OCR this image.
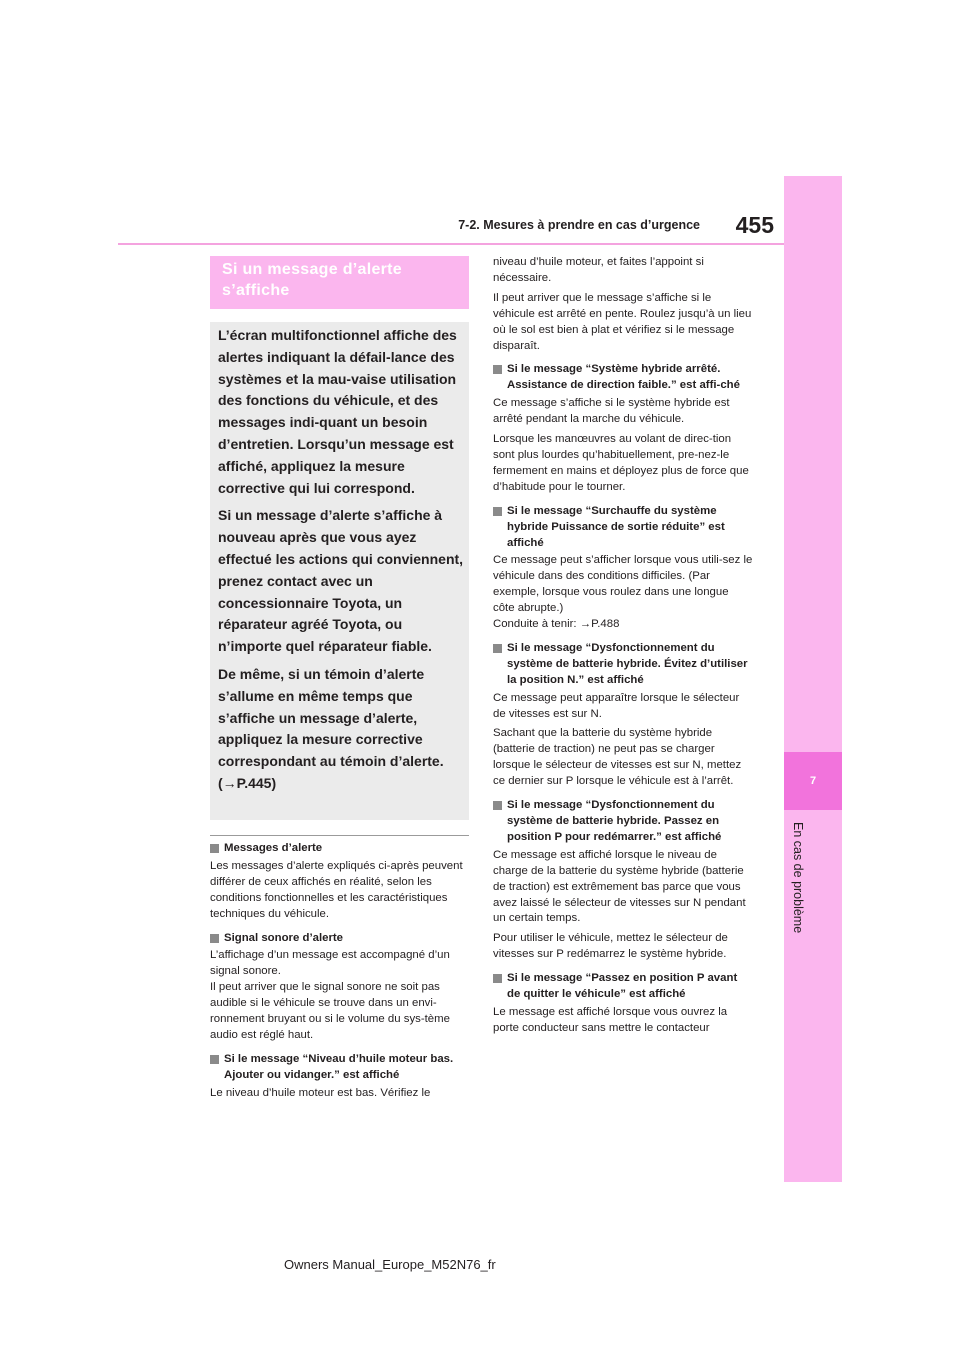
7-2. Mesures à prendre en cas d’urgence	455
7
En cas de problème
Si un message d’alerte s’affiche

L’écran multifonctionnel affiche des alertes indiquant la défail-lance des systèmes et la mau-vaise utilisation des fonctions du véhicule, et des messages indi-quant un besoin d’entretien. Lorsqu’un message est affiché, appliquez la mesure corrective qui lui correspond.

Si un message d’alerte s’affiche à nouveau après que vous ayez effectué les actions qui conviennent, prenez contact avec un concessionnaire Toyota, un réparateur agréé Toyota, ou n’importe quel réparateur fiable.

De même, si un témoin d’alerte s’allume en même temps que s’affiche un message d’alerte, appliquez la mesure corrective correspondant au témoin d’alerte. (→P.445)

Messages d’alerte

Les messages d’alerte expliqués ci-après peuvent différer de ceux affichés en réalité, selon les conditions fonctionnelles et les caractéristiques techniques du véhicule.

Signal sonore d’alerte

L’affichage d’un message est accompagné d’un signal sonore.

Il peut arriver que le signal sonore ne soit pas audible si le véhicule se trouve dans un envi-ronnement bruyant ou si le volume du sys-tème audio est réglé haut.

Si le message “Niveau d’huile moteur bas. Ajouter ou vidanger.” est affiché

Le niveau d’huile moteur est bas. Vérifiez le

niveau d’huile moteur, et faites l’appoint si nécessaire.

Il peut arriver que le message s’affiche si le véhicule est arrêté en pente. Roulez jusqu’à un lieu où le sol est bien à plat et vérifiez si le message disparaît.

Si le message “Système hybride arrêté. Assistance de direction faible.” est affi-ché

Ce message s’affiche si le système hybride est arrêté pendant la marche du véhicule.

Lorsque les manœuvres au volant de direc-tion sont plus lourdes qu’habituellement, pre-nez-le fermement en mains et déployez plus de force que d’habitude pour le tourner.

Si le message “Surchauffe du système hybride Puissance de sortie réduite” est affiché

Ce message peut s’afficher lorsque vous utili-sez le véhicule dans des conditions difficiles. (Par exemple, lorsque vous roulez dans une longue côte abrupte.)

Conduite à tenir: →P.488

Si le message “Dysfonctionnement du système de batterie hybride. Évitez d’utiliser la position N.” est affiché

Ce message peut apparaître lorsque le sélecteur de vitesses est sur N.

Sachant que la batterie du système hybride (batterie de traction) ne peut pas se charger lorsque le sélecteur de vitesses est sur N, mettez ce dernier sur P lorsque le véhicule est à l’arrêt.

Si le message “Dysfonctionnement du système de batterie hybride. Passez en position P pour redémarrer.” est affiché

Ce message est affiché lorsque le niveau de charge de la batterie du système hybride (batterie de traction) est extrêmement bas parce que vous avez laissé le sélecteur de vitesses sur N pendant un certain temps.

Pour utiliser le véhicule, mettez le sélecteur de vitesses sur P redémarrez le système hybride.

Si le message “Passez en position P avant de quitter le véhicule” est affiché

Le message est affiché lorsque vous ouvrez la porte conducteur sans mettre le contacteur

Owners Manual_Europe_M52N76_fr
